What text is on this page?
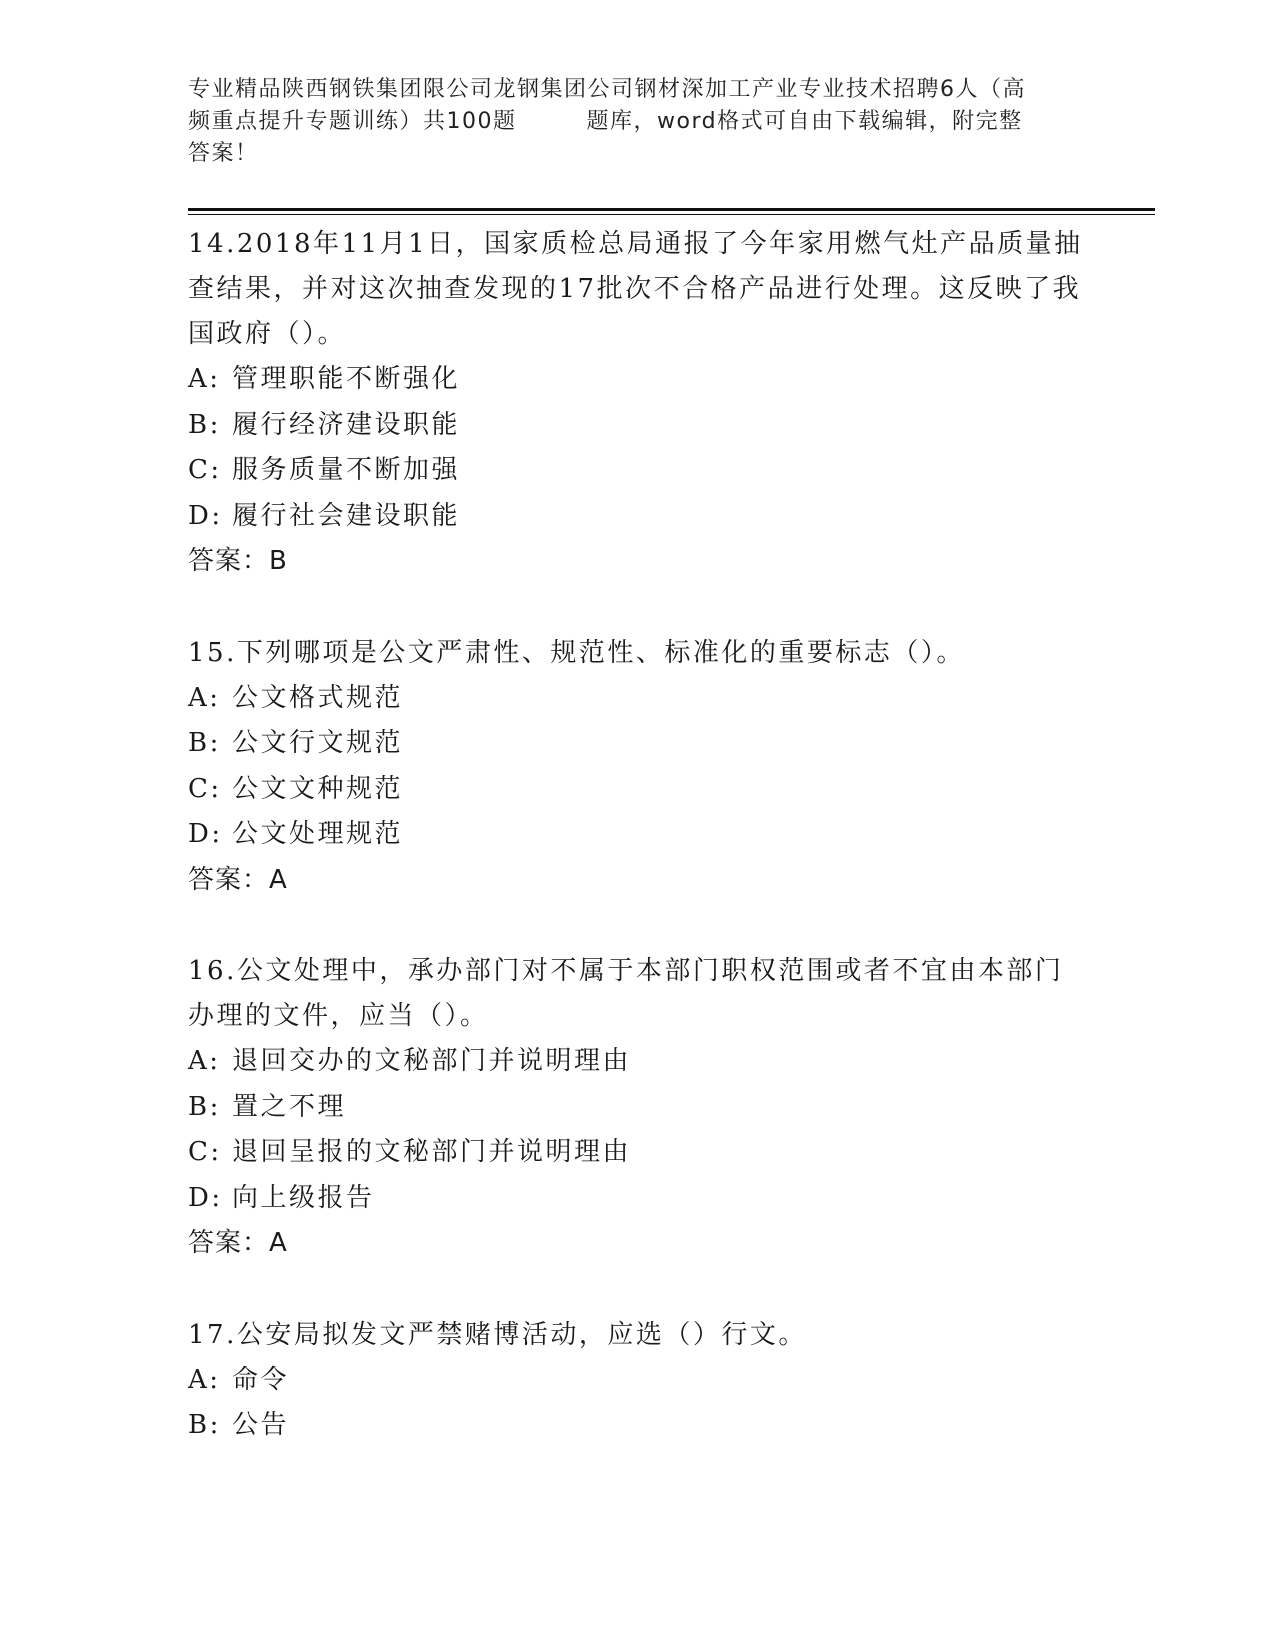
专业精品陕西钢铁集团限公司龙钢集团公司钢材深加工产业专业技术招聘6人（高
频重点提升专题训练）共100题	题库，word格式可自由下载编辑，附完整
答案！

14.2018年11月1日，国家质检总局通报了今年家用燃气灶产品质量抽查结果，并对这次抽查发现的17批次不合格产品进行处理。这反映了我国政府（）。

A: 管理职能不断强化
B: 履行经济建设职能
C: 服务质量不断加强
D: 履行社会建设职能
答案：B

15.下列哪项是公文严肃性、规范性、标准化的重要标志（）。

A: 公文格式规范
B: 公文行文规范
C: 公文文种规范
D: 公文处理规范
答案：A

16.公文处理中，承办部门对不属于本部门职权范围或者不宜由本部门办理的文件，应当（）。

A: 退回交办的文秘部门并说明理由
B: 置之不理
C: 退回呈报的文秘部门并说明理由
D: 向上级报告
答案：A

17.公安局拟发文严禁赌博活动，应选（）行文。

A: 命令
B: 公告
